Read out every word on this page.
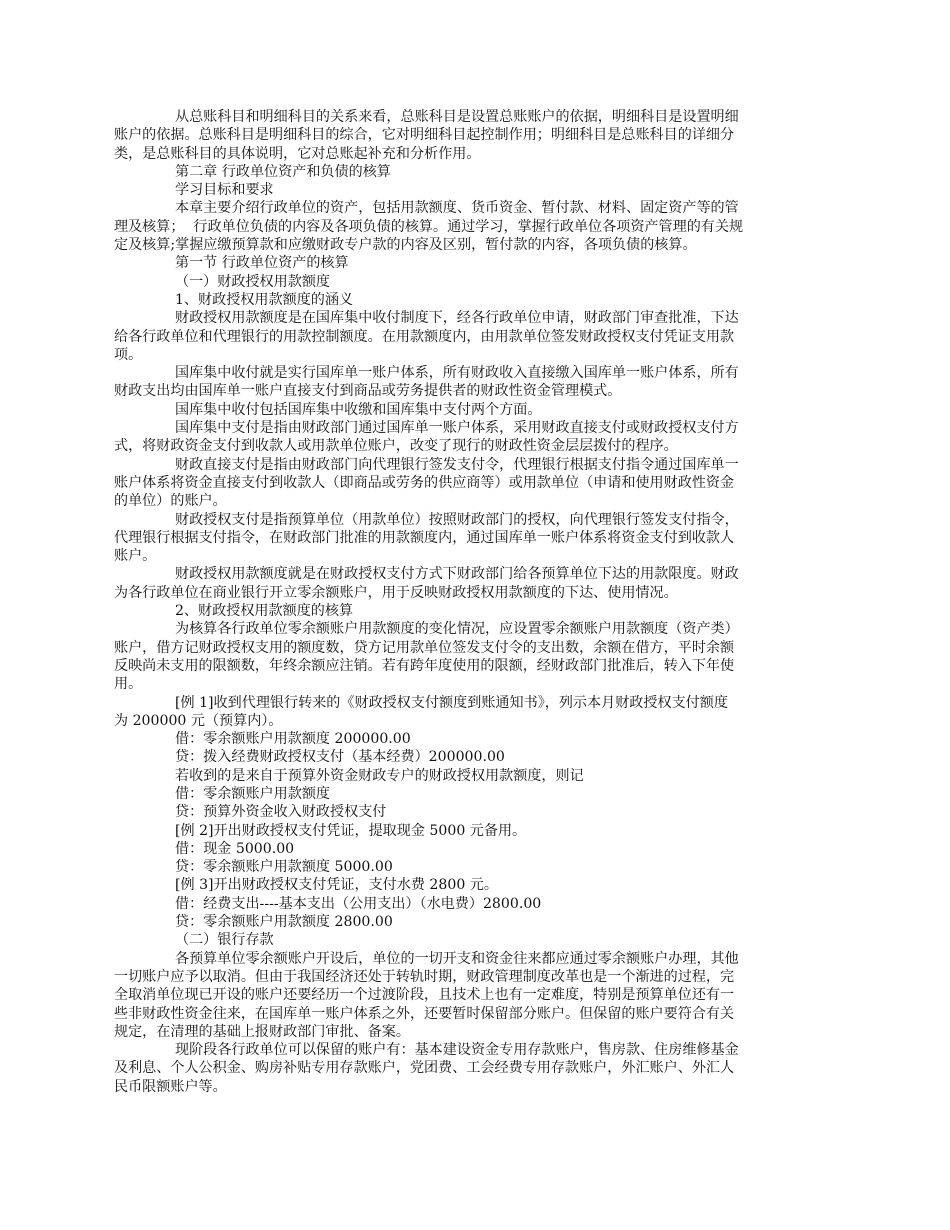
从总账科目和明细科目的关系来看，总账科目是设置总账账户的依据，明细科目是设置明细
账户的依据。总账科目是明细科目的综合，它对明细科目起控制作用；明细科目是总账科目的详细分
类，是总账科目的具体说明，它对总账起补充和分析作用。
第二章 行政单位资产和负债的核算
学习目标和要求
本章主要介绍行政单位的资产，包括用款额度、货币资金、暂付款、材料、固定资产等的管
理及核算；  行政单位负债的内容及各项负债的核算。通过学习，掌握行政单位各项资产管理的有关规
定及核算;掌握应缴预算款和应缴财政专户款的内容及区别，暂付款的内容，各项负债的核算。
第一节 行政单位资产的核算
（一）财政授权用款额度
1、财政授权用款额度的涵义
财政授权用款额度是在国库集中收付制度下，经各行政单位申请，财政部门审查批准，下达
给各行政单位和代理银行的用款控制额度。在用款额度内，由用款单位签发财政授权支付凭证支用款
项。
国库集中收付就是实行国库单一账户体系，所有财政收入直接缴入国库单一账户体系，所有
财政支出均由国库单一账户直接支付到商品或劳务提供者的财政性资金管理模式。
国库集中收付包括国库集中收缴和国库集中支付两个方面。
国库集中支付是指由财政部门通过国库单一账户体系，采用财政直接支付或财政授权支付方
式，将财政资金支付到收款人或用款单位账户，改变了现行的财政性资金层层拨付的程序。
财政直接支付是指由财政部门向代理银行签发支付令，代理银行根据支付指令通过国库单一
账户体系将资金直接支付到收款人（即商品或劳务的供应商等）或用款单位（申请和使用财政性资金
的单位）的账户。
财政授权支付是指预算单位（用款单位）按照财政部门的授权，向代理银行签发支付指令，
代理银行根据支付指令，在财政部门批准的用款额度内，通过国库单一账户体系将资金支付到收款人
账户。
财政授权用款额度就是在财政授权支付方式下财政部门给各预算单位下达的用款限度。财政
为各行政单位在商业银行开立零余额账户，用于反映财政授权用款额度的下达、使用情况。
2、财政授权用款额度的核算
为核算各行政单位零余额账户用款额度的变化情况，应设置零余额账户用款额度（资产类）
账户，借方记财政授权支用的额度数，贷方记用款单位签发支付令的支出数，余额在借方，平时余额
反映尚未支用的限额数，年终余额应注销。若有跨年度使用的限额，经财政部门批准后，转入下年使
用。
[例 1]收到代理银行转来的《财政授权支付额度到账通知书》，列示本月财政授权支付额度
为 200000 元（预算内）。
借：零余额账户用款额度 200000.00
贷：拨入经费财政授权支付（基本经费）200000.00
若收到的是来自于预算外资金财政专户的财政授权用款额度，则记
借：零余额账户用款额度
贷：预算外资金收入财政授权支付
[例 2]开出财政授权支付凭证，提取现金 5000 元备用。
借：现金 5000.00
贷：零余额账户用款额度 5000.00
[例 3]开出财政授权支付凭证，支付水费 2800 元。
借：经费支出----基本支出（公用支出）（水电费）2800.00
贷：零余额账户用款额度 2800.00
（二）银行存款
各预算单位零余额账户开设后，单位的一切开支和资金往来都应通过零余额账户办理，其他
一切账户应予以取消。但由于我国经济还处于转轨时期，财政管理制度改革也是一个渐进的过程，完
全取消单位现已开设的账户还要经历一个过渡阶段，且技术上也有一定难度，特别是预算单位还有一
些非财政性资金往来，在国库单一账户体系之外，还要暂时保留部分账户。但保留的账户要符合有关
规定，在清理的基础上报财政部门审批、备案。
现阶段各行政单位可以保留的账户有：基本建设资金专用存款账户，售房款、住房维修基金
及利息、个人公积金、购房补贴专用存款账户，党团费、工会经费专用存款账户，外汇账户、外汇人
民币限额账户等。
